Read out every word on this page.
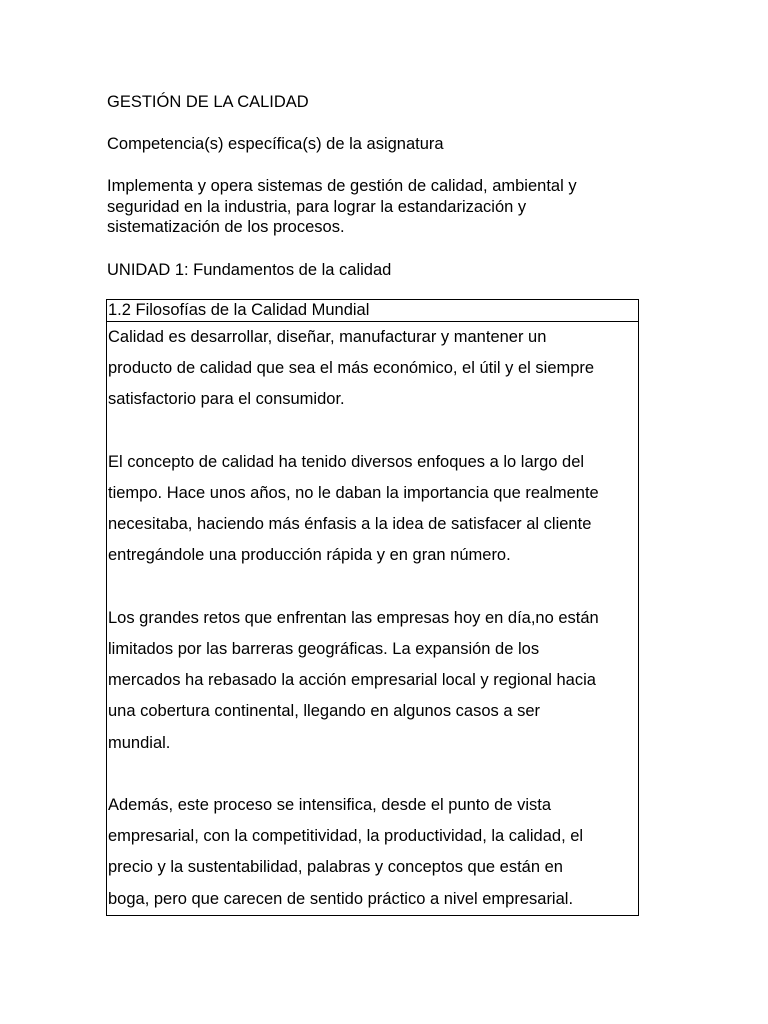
GESTIÓN DE LA CALIDAD

Competencia(s) específica(s) de la asignatura

Implementa y opera sistemas de gestión de calidad, ambiental y
seguridad en la industria, para lograr la estandarización y
sistematización de los procesos.

UNIDAD 1: Fundamentos de la calidad

1.2 Filosofías de la Calidad Mundial
Calidad es desarrollar, diseñar, manufacturar y mantener un
producto de calidad que sea el más económico, el útil y el siempre
satisfactorio para el consumidor.
El concepto de calidad ha tenido diversos enfoques a lo largo del
tiempo. Hace unos años, no le daban la importancia que realmente
necesitaba, haciendo más énfasis a la idea de satisfacer al cliente
entregándole una producción rápida y en gran número.
Los grandes retos que enfrentan las empresas hoy en día,no están
limitados por las barreras geográficas. La expansión de los
mercados ha rebasado la acción empresarial local y regional hacia
una cobertura continental, llegando en algunos casos a ser
mundial.
Además, este proceso se intensifica, desde el punto de vista
empresarial, con la competitividad, la productividad, la calidad, el
precio y la sustentabilidad, palabras y conceptos que están en
boga, pero que carecen de sentido práctico a nivel empresarial.
